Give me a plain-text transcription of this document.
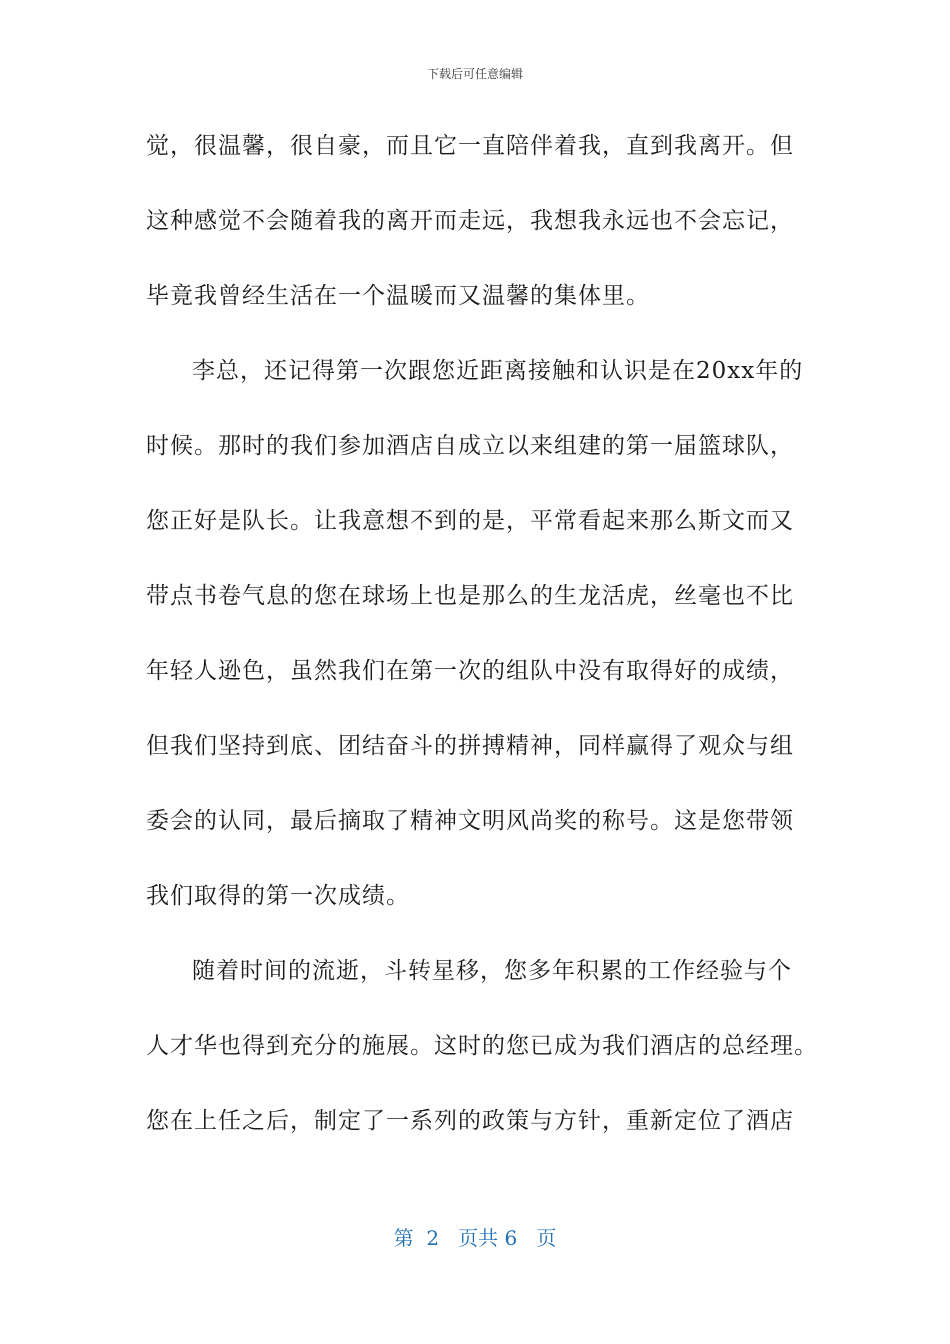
下载后可任意编辑
觉，很温馨，很自豪，而且它一直陪伴着我，直到我离开。但
这种感觉不会随着我的离开而走远，我想我永远也不会忘记，
毕竟我曾经生活在一个温暖而又温馨的集体里。
李总，还记得第一次跟您近距离接触和认识是在20xx年的
时候。那时的我们参加酒店自成立以来组建的第一届篮球队，
您正好是队长。让我意想不到的是，平常看起来那么斯文而又
带点书卷气息的您在球场上也是那么的生龙活虎，丝毫也不比
年轻人逊色，虽然我们在第一次的组队中没有取得好的成绩，
但我们坚持到底、团结奋斗的拼搏精神，同样赢得了观众与组
委会的认同，最后摘取了精神文明风尚奖的称号。这是您带领
我们取得的第一次成绩。
随着时间的流逝，斗转星移，您多年积累的工作经验与个
人才华也得到充分的施展。这时的您已成为我们酒店的总经理。
您在上任之后，制定了一系列的政策与方针，重新定位了酒店
第  2   页共 6   页
